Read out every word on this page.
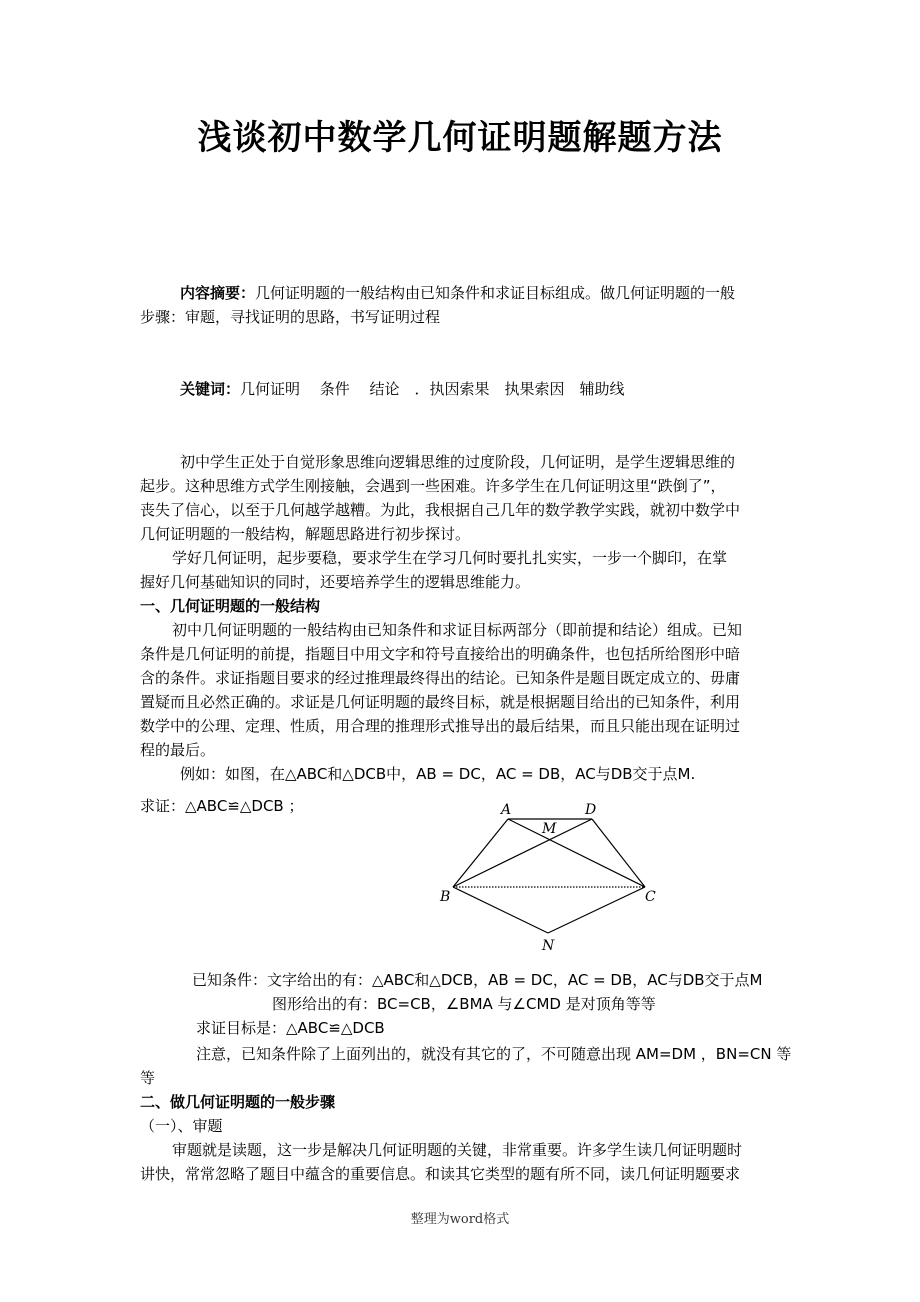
浅谈初中数学几何证明题解题方法
内容摘要：几何证明题的一般结构由已知条件和求证目标组成。做几何证明题的一般
步骤：审题，寻找证明的思路，书写证明过程
关键词：几何证明　 条件　 结论　．执因索果　执果索因　辅助线
初中学生正处于自觉形象思维向逻辑思维的过度阶段，几何证明，是学生逻辑思维的
起步。这种思维方式学生刚接触，会遇到一些困难。许多学生在几何证明这里“跌倒了”，
丧失了信心，以至于几何越学越糟。为此，我根据自己几年的数学教学实践，就初中数学中
几何证明题的一般结构，解题思路进行初步探讨。
学好几何证明，起步要稳，要求学生在学习几何时要扎扎实实，一步一个脚印，在掌
握好几何基础知识的同时，还要培养学生的逻辑思维能力。
一、几何证明题的一般结构
初中几何证明题的一般结构由已知条件和求证目标两部分（即前提和结论）组成。已知
条件是几何证明的前提，指题目中用文字和符号直接给出的明确条件，也包括所给图形中暗
含的条件。求证指题目要求的经过推理最终得出的结论。已知条件是题目既定成立的、毋庸
置疑而且必然正确的。求证是几何证明题的最终目标，就是根据题目给出的已知条件，利用
数学中的公理、定理、性质，用合理的推理形式推导出的最后结果，而且只能出现在证明过
程的最后。
例如：如图，在△ABC和△DCB中，AB = DC，AC = DB，AC与DB交于点M.
求证：△ABC≌△DCB ；	A	D
M
B	C
N
已知条件：文字给出的有：△ABC和△DCB，AB = DC，AC = DB，AC与DB交于点M
图形给出的有：BC=CB，∠BMA 与∠CMD 是对顶角等等
求证目标是：△ABC≌△DCB
注意，已知条件除了上面列出的，就没有其它的了，不可随意出现 AM=DM ，BN=CN 等
等
二、做几何证明题的一般步骤
（一）、审题
审题就是读题，这一步是解决几何证明题的关键，非常重要。许多学生读几何证明题时
讲快，常常忽略了题目中蕴含的重要信息。和读其它类型的题有所不同，读几何证明题要求
整理为word格式
